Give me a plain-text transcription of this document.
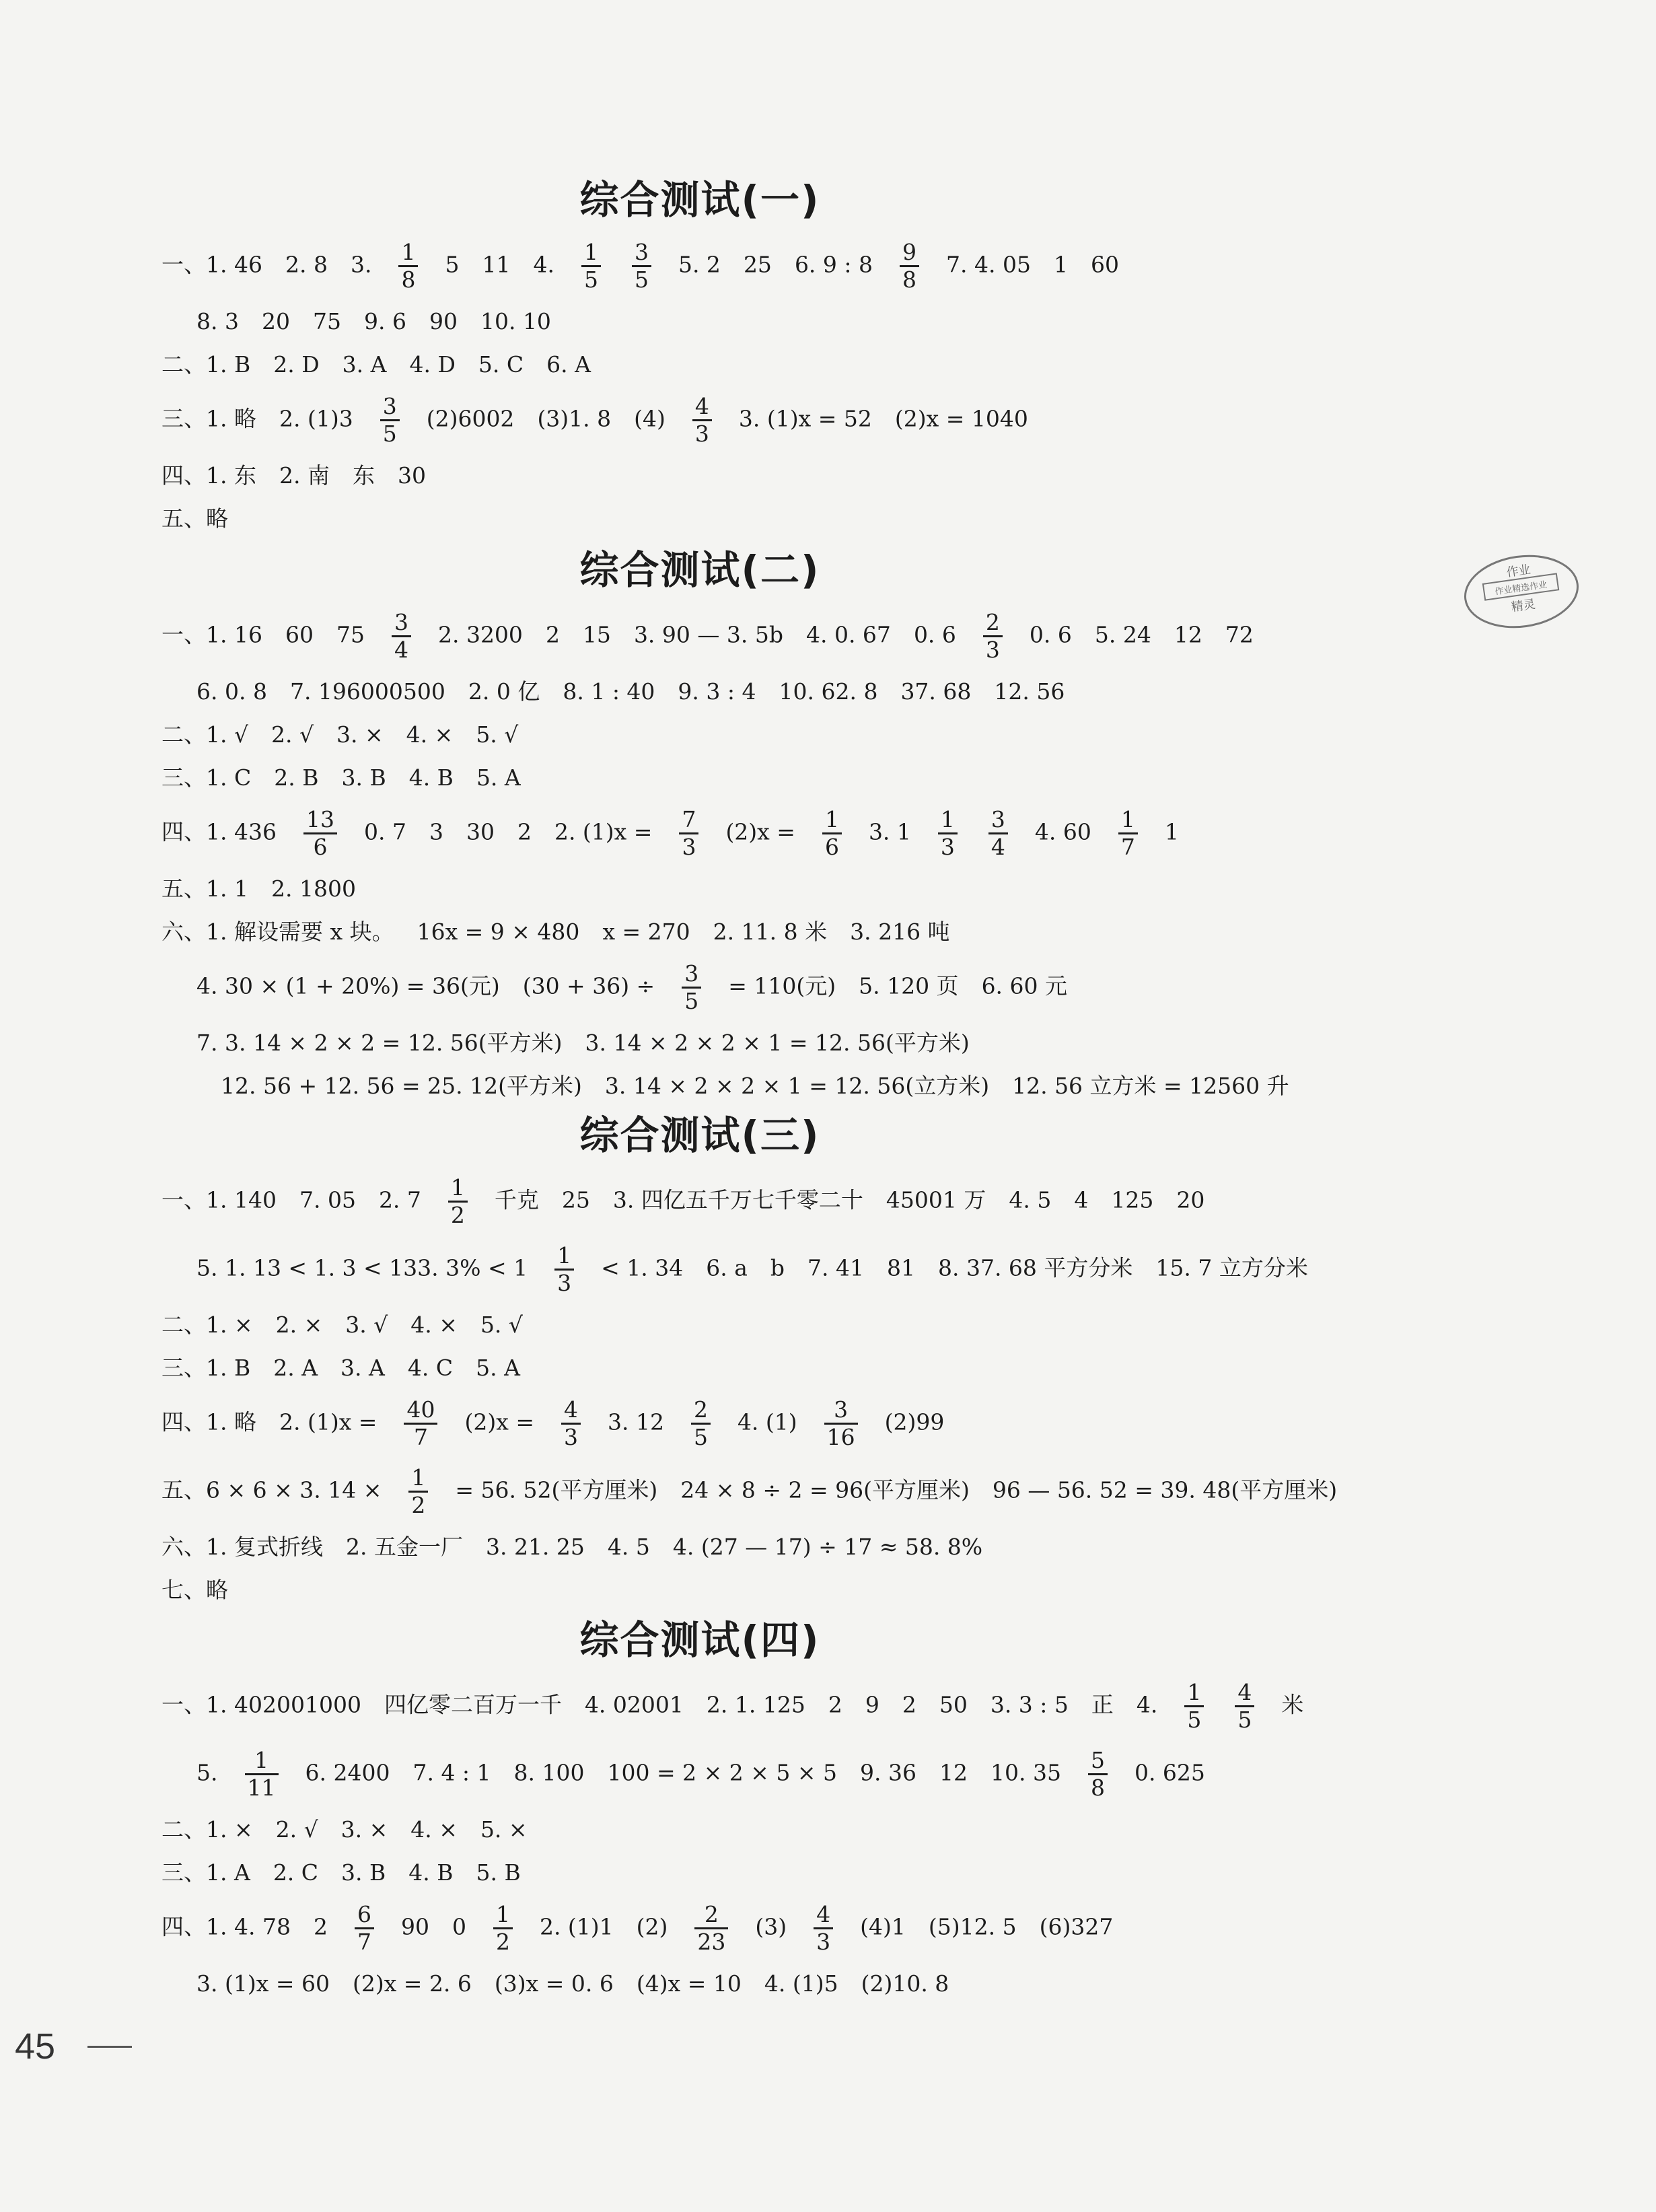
综合测试(一)
一、1. 46 2. 8 3. $\frac{1}{8} 5$ 11 4. $\frac{1}{5} \frac{3}{5} 5$. 2 25 6. 9 : $8 \frac{9}{8} 7$. 4. 05 1 60
8. 3 20 75 9. 6 90 10. 10
二、1. B 2. D 3. A 4. D 5. C 6. A
三、1. 略 2. $(1)3 \frac{3}{5} (2)6002$ (3)1. 8 $(4) \frac{4}{3} 3$. (1)x = 52 (2)x = 1040
四、1. 东 2. 南 东 30
五、略
综合测试(二)
一、1. 16 60 $75 \frac{3}{4} 2$. 3200 2 15 3. 90 — 3. 5b 4. 0. 67 0. $6 \frac{2}{3} 0$. 6 5. 24 12 72
6. 0. 8 7. 196000500 2. 0 亿 8. 1 : 40 9. 3 : 4 10. 62. 8 37. 68 12. 56
二、1. √ 2. √ 3. × 4. × 5. √
三、1. C 2. B 3. B 4. B 5. A
四、1. $436 \frac{13}{6} 0$. 7 3 30 2 2. $(1)x = \frac{7}{3} (2)x = \frac{1}{6} 3$. $1 \frac{1}{3} \frac{3}{4} 4$. $60 \frac{1}{7} 1$
五、1. 1 2. 1800
六、1. 解设需要 x 块。 16x = 9 × 480 x = 270 2. 11. 8 米 3. 216 吨
4. 30 × (1 + 20%) = 36(元) $(30 + 36) \div \frac{3}{5} = 110$(元) 5. 120 页 6. 60 元
7. 3. 14 × 2 × 2 = 12. 56(平方米) 3. 14 × 2 × 2 × 1 = 12. 56(平方米)
12. 56 + 12. 56 = 25. 12(平方米) 3. 14 × 2 × 2 × 1 = 12. 56(立方米) 12. 56 立方米 = 12560 升
综合测试(三)
一、1. 140 7. 05 2. $7 \frac{1}{2}$ 千克 25 3. 四亿五千万七千零二十 45001 万 4. 5 4 125 20
5. 1. 13 < 1. 3 < 133. $3\% < 1 \frac{1}{3} < 1$. 34 6. a b 7. 41 81 8. 37. 68 平方分米 15. 7 立方分米
二、1. × 2. × 3. √ 4. × 5. √
三、1. B 2. A 3. A 4. C 5. A
四、1. 略 2. $(1)x = \frac{40}{7} (2)x = \frac{4}{3} 3$. $12 \frac{2}{5} 4$. $(1) \frac{3}{16} (2)99$
五、6 × 6 × 3. $14 \times \frac{1}{2} = 56$. 52(平方厘米) 24 × 8 ÷ 2 = 96(平方厘米) 96 — 56. 52 = 39. 48(平方厘米)
六、1. 复式折线 2. 五金一厂 3. 21. 25 4. 5 4. (27 — 17) ÷ 17 ≈ 58. 8%
七、略
综合测试(四)
一、1. 402001000 四亿零二百万一千 4. 02001 2. 1. 125 2 9 2 50 3. 3 : 5 正 4. $\frac{1}{5} \frac{4}{5}$ 米
5. $\frac{1}{11} 6$. 2400 7. 4 : 1 8. 100 100 = 2 × 2 × 5 × 5 9. 36 12 10. $35 \frac{5}{8} 0$. 625
二、1. × 2. √ 3. × 4. × 5. ×
三、1. A 2. C 3. B 4. B 5. B
四、1. 4. 78 $2 \frac{6}{7} 90$ $0 \frac{1}{2} 2$. (1)1 $(2) \frac{2}{23} (3) \frac{4}{3} (4)1$ (5)12. 5 (6)327
3. (1)x = 60 (2)x = 2. 6 (3)x = 0. 6 (4)x = 10 4. (1)5 (2)10. 8
作业
作业精选作业
精灵
45
